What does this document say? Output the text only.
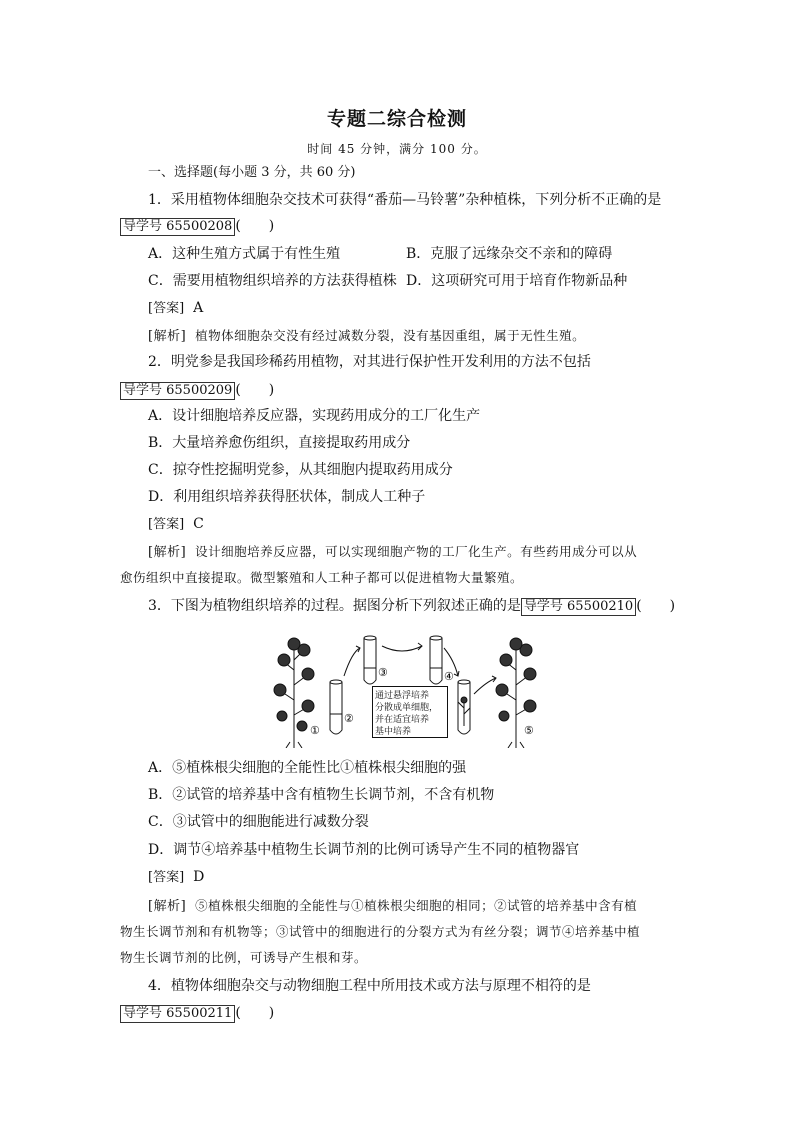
专题二综合检测
时间 45 分钟，满分 100 分。
一、选择题(每小题 3 分，共 60 分)
1．采用植物体细胞杂交技术可获得“番茄—马铃薯”杂种植株，下列分析不正确的是
导学号 65500208 (　　)
A．这种生殖方式属于有性生殖	B．克服了远缘杂交不亲和的障碍
C．需要用植物组织培养的方法获得植株 D．这项研究可用于培育作物新品种
[答案] A
[解析] 植物体细胞杂交没有经过减数分裂，没有基因重组，属于无性生殖。
2．明党参是我国珍稀药用植物，对其进行保护性开发利用的方法不包括
导学号 65500209 (　　)
A．设计细胞培养反应器，实现药用成分的工厂化生产
B．大量培养愈伤组织，直接提取药用成分
C．掠夺性挖掘明党参，从其细胞内提取药用成分
D．利用组织培养获得胚状体，制成人工种子
[答案] C
[解析] 设计细胞培养反应器，可以实现细胞产物的工厂化生产。有些药用成分可以从
愈伤组织中直接提取。微型繁殖和人工种子都可以促进植物大量繁殖。
3．下图为植物组织培养的过程。据图分析下列叙述正确的是 导学号 65500210 (　　)
①
②
③	④
⑤
通过悬浮培养
分散成单细胞，
并在适宜培养
基中培养
A．⑤植株根尖细胞的全能性比①植株根尖细胞的强
B．②试管的培养基中含有植物生长调节剂，不含有机物
C．③试管中的细胞能进行减数分裂
D．调节④培养基中植物生长调节剂的比例可诱导产生不同的植物器官
[答案] D
[解析] ⑤植株根尖细胞的全能性与①植株根尖细胞的相同；②试管的培养基中含有植
物生长调节剂和有机物等；③试管中的细胞进行的分裂方式为有丝分裂；调节④培养基中植
物生长调节剂的比例，可诱导产生根和芽。
4．植物体细胞杂交与动物细胞工程中所用技术或方法与原理不相符的是
导学号 65500211 (　　)
